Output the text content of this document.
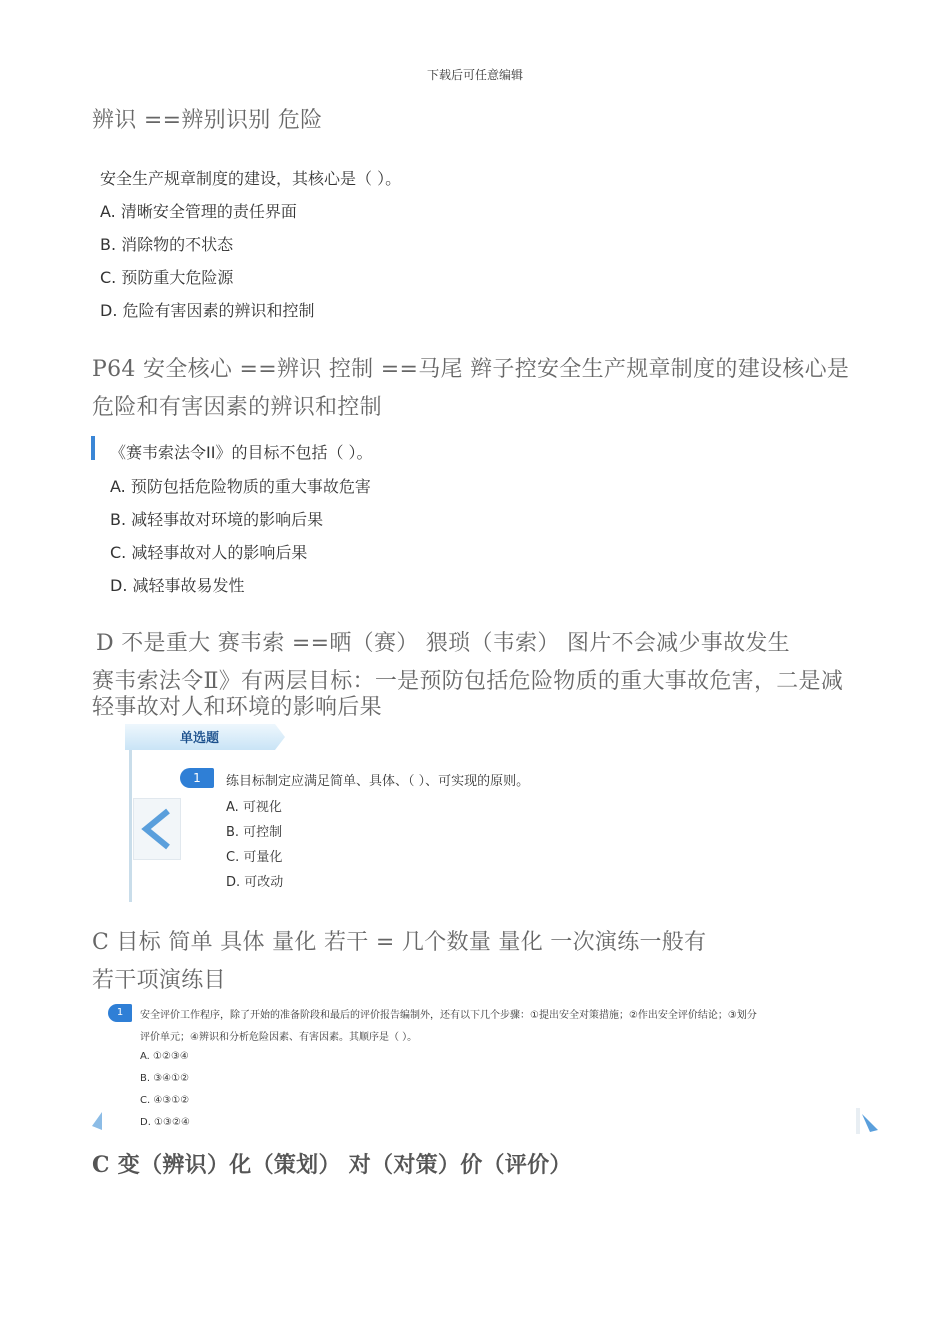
下载后可任意编辑
辨识 ==辨别识别 危险
安全生产规章制度的建设，其核心是（ ）。
A. 清晰安全管理的责任界面
B. 消除物的不状态
C. 预防重大危险源
D. 危险有害因素的辨识和控制
P64 安全核心 ==辨识 控制 ==马尾 辫子控安全生产规章制度的建设核心是
危险和有害因素的辨识和控制
《赛韦索法令II》的目标不包括（ ）。
A. 预防包括危险物质的重大事故危害
B. 减轻事故对环境的影响后果
C. 减轻事故对人的影响后果
D. 减轻事故易发性
D 不是重大 赛韦索 ==晒（赛） 猥琐（韦索） 图片不会减少事故发生
赛韦索法令Ⅱ》有两层目标：一是预防包括危险物质的重大事故危害，二是减
轻事故对人和环境的影响后果
单选题
1	练目标制定应满足简单、具体、（ ）、可实现的原则。
A. 可视化
B. 可控制
C. 可量化
D. 可改动
C 目标 简单 具体 量化 若干 = 几个数量 量化 一次演练一般有
若干项演练目
1	安全评价工作程序，除了开始的准备阶段和最后的评价报告编制外，还有以下几个步骤：①提出安全对策措施；②作出安全评价结论；③划分
评价单元；④辨识和分析危险因素、有害因素。其顺序是（ ）。
A. ①②③④
B. ③④①②
C. ④③①②
D. ①③②④
C 变（辨识）化（策划） 对（对策）价（评价）
